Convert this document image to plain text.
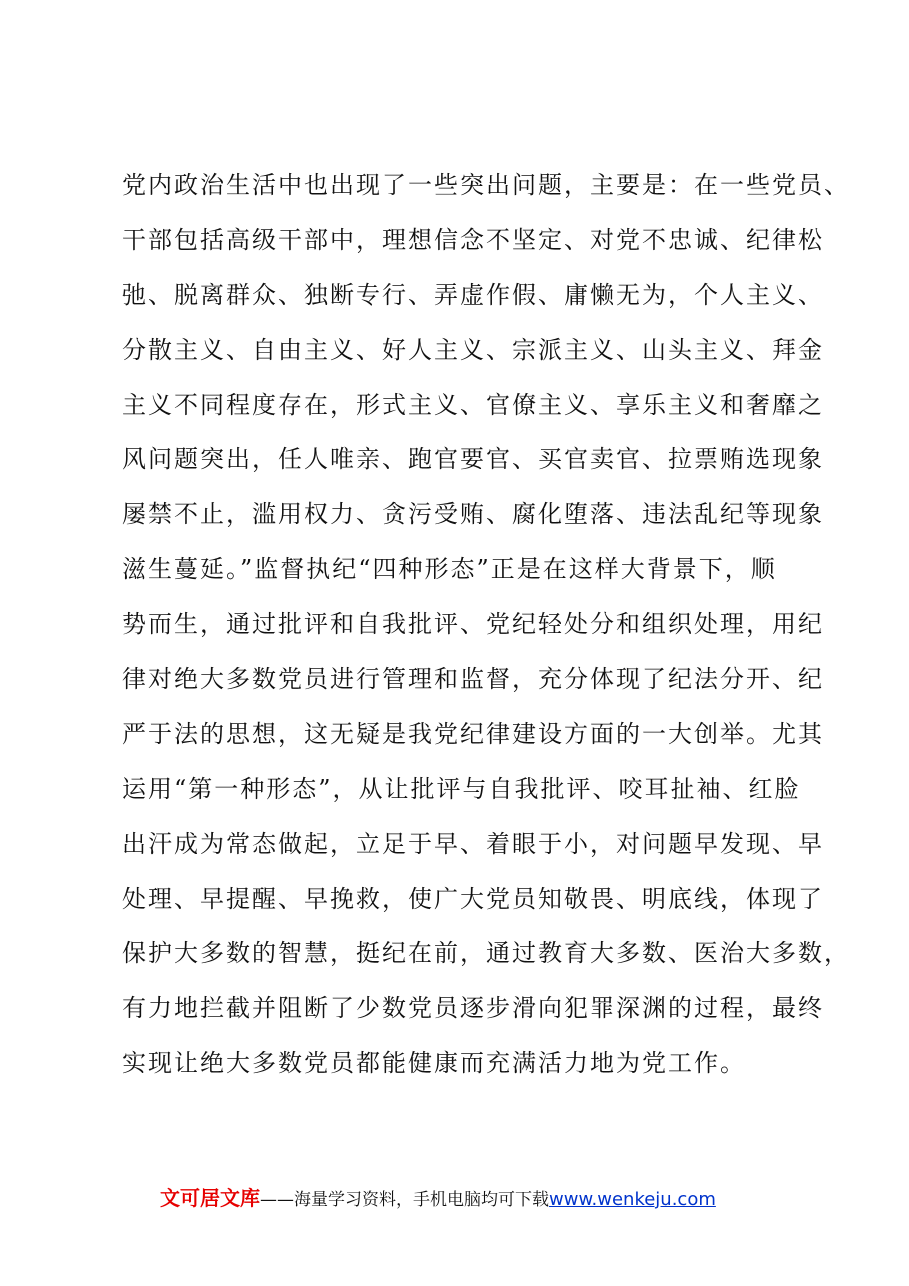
党内政治生活中也出现了一些突出问题，主要是：在一些党员、
干部包括高级干部中，理想信念不坚定、对党不忠诚、纪律松
弛、脱离群众、独断专行、弄虚作假、庸懒无为，个人主义、
分散主义、自由主义、好人主义、宗派主义、山头主义、拜金
主义不同程度存在，形式主义、官僚主义、享乐主义和奢靡之
风问题突出，任人唯亲、跑官要官、买官卖官、拉票贿选现象
屡禁不止，滥用权力、贪污受贿、腐化堕落、违法乱纪等现象
滋生蔓延。”监督执纪“四种形态”正是在这样大背景下，顺
势而生，通过批评和自我批评、党纪轻处分和组织处理，用纪
律对绝大多数党员进行管理和监督，充分体现了纪法分开、纪
严于法的思想，这无疑是我党纪律建设方面的一大创举。尤其
运用“第一种形态”，从让批评与自我批评、咬耳扯袖、红脸
出汗成为常态做起，立足于早、着眼于小，对问题早发现、早
处理、早提醒、早挽救，使广大党员知敬畏、明底线，体现了
保护大多数的智慧，挺纪在前，通过教育大多数、医治大多数，
有力地拦截并阻断了少数党员逐步滑向犯罪深渊的过程，最终
实现让绝大多数党员都能健康而充满活力地为党工作。
文可居文库——海量学习资料，手机电脑均可下载www.wenkeju.com
